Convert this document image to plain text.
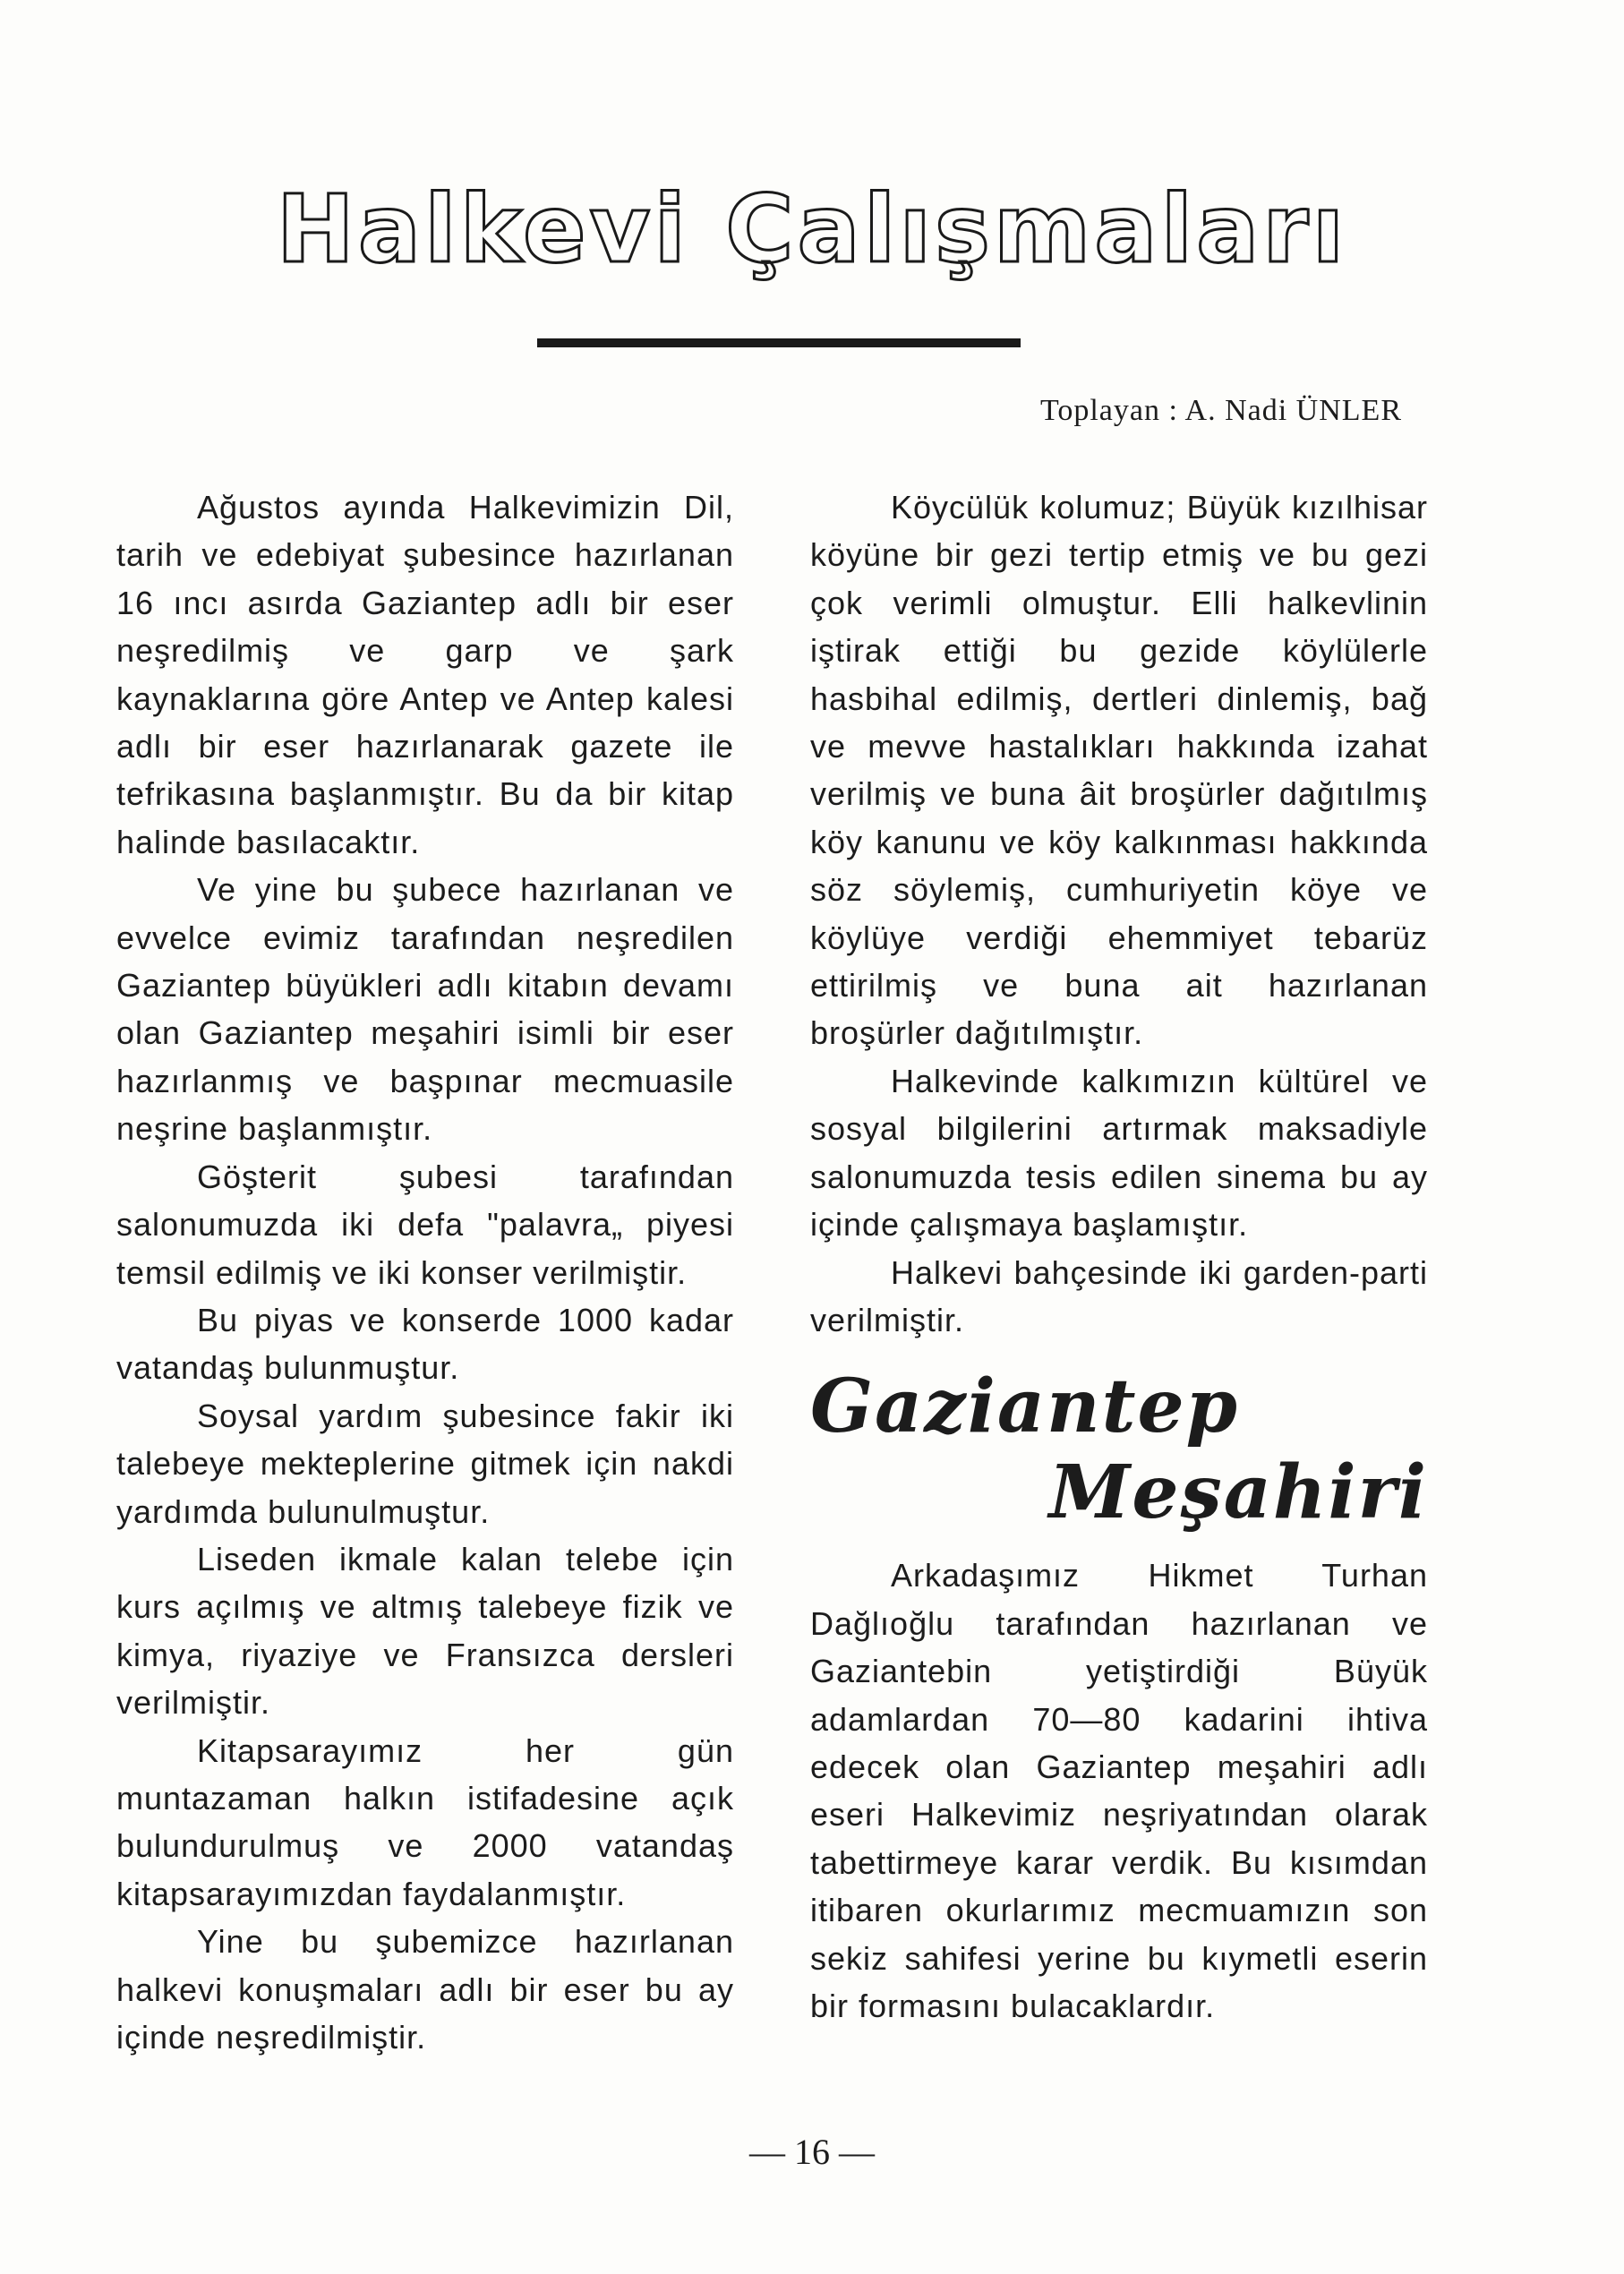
Halkevi Çalışmaları
Toplayan : A. Nadi ÜNLER

Ağustos ayında Halkevimizin Dil, tarih ve edebiyat şubesince hazırlanan 16 ıncı asırda Gaziantep adlı bir eser neşredilmiş ve garp ve şark kaynaklarına göre Antep ve Antep kalesi adlı bir eser hazırlanarak gazete ile tefrikasına başlanmıştır. Bu da bir kitap halinde basılacaktır.

Ve yine bu şubece hazırlanan ve evvelce evimiz tarafından neşredilen Gaziantep büyükleri adlı kitabın devamı olan Gaziantep meşahiri isimli bir eser hazırlanmış ve başpınar mecmuasile neşrine başlanmıştır.

Göşterit şubesi tarafından salonumuzda iki defa "palavra„ piyesi temsil edilmiş ve iki konser verilmiştir.

Bu piyas ve konserde 1000 kadar vatandaş bulunmuştur.

Soysal yardım şubesince fakir iki talebeye mekteplerine gitmek için nakdi yardımda bulunulmuştur.

Liseden ikmale kalan telebe için kurs açılmış ve altmış talebeye fizik ve kimya, riyaziye ve Fransızca dersleri verilmiştir.

Kitapsarayımız her gün muntazaman halkın istifadesine açık bulundurulmuş ve 2000 vatandaş kitapsarayımızdan faydalanmıştır.

Yine bu şubemizce hazırlanan halkevi konuşmaları adlı bir eser bu ay içinde neşredilmiştir.

Köycülük kolumuz; Büyük kızılhisar köyüne bir gezi tertip etmiş ve bu gezi çok verimli olmuştur. Elli halkevlinin iştirak ettiği bu gezide köylülerle hasbihal edilmiş, dertleri dinlemiş, bağ ve mevve hastalıkları hakkında izahat verilmiş ve buna âit broşürler dağıtılmış köy kanunu ve köy kalkınması hakkında söz söylemiş, cumhuriyetin köye ve köylüye verdiği ehemmiyet tebarüz ettirilmiş ve buna ait hazırlanan broşürler dağıtılmıştır.

Halkevinde kalkımızın kültürel ve sosyal bilgilerini artırmak maksadiyle salonumuzda tesis edilen sinema bu ay içinde çalışmaya başlamıştır.

Halkevi bahçesinde iki garden-parti verilmiştir.

Gaziantep
Meşahiri

Arkadaşımız Hikmet Turhan Dağlıoğlu tarafından hazırlanan ve Gaziantebin yetiştirdiği Büyük adamlardan 70—80 kadarini ihtiva edecek olan Gaziantep meşahiri adlı eseri Halkevimiz neşriyatından olarak tabettirmeye karar verdik. Bu kısımdan itibaren okurlarımız mecmuamızın son sekiz sahifesi yerine bu kıymetli eserin bir formasını bulacaklardır.

— 16 —
